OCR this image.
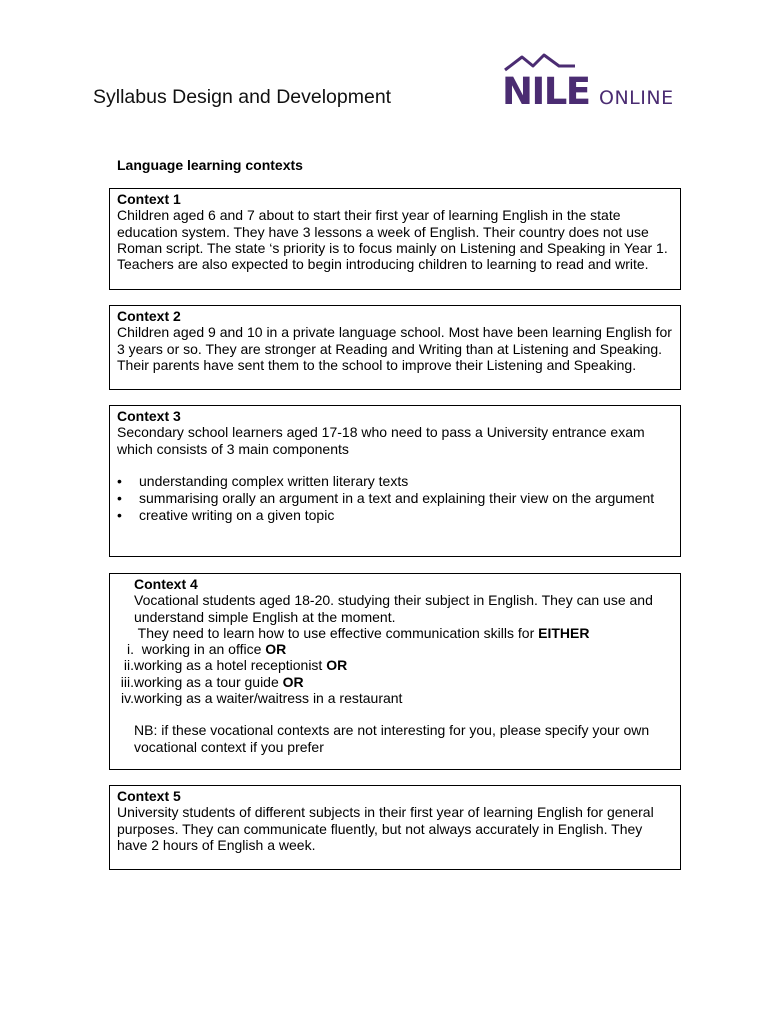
Syllabus Design and Development	NILE ONLINE
Language learning contexts

Context 1

Children aged 6 and 7 about to start their first year of learning English in the state education system. They have 3 lessons a week of English. Their country does not use Roman script. The state ‘s priority is to focus mainly on Listening and Speaking in Year 1. Teachers are also expected to begin introducing children to learning to read and write.

Context 2

Children aged 9 and 10 in a private language school. Most have been learning English for 3 years or so. They are stronger at Reading and Writing than at Listening and Speaking. Their parents have sent them to the school to improve their Listening and Speaking.

Context 3

Secondary school learners aged 17-18 who need to pass a University entrance exam which consists of 3 main components

• understanding complex written literary texts
• summarising orally an argument in a text and explaining their view on the argument
• creative writing on a given topic

Context 4

Vocational students aged 18-20. studying their subject in English. They can use and understand simple English at the moment.

They need to learn how to use effective communication skills for EITHER

i. working in an office OR
ii. working as a hotel receptionist OR
iii. working as a tour guide OR
iv. working as a waiter/waitress in a restaurant

NB: if these vocational contexts are not interesting for you, please specify your own vocational context if you prefer

Context 5

University students of different subjects in their first year of learning English for general purposes. They can communicate fluently, but not always accurately in English. They have 2 hours of English a week.
